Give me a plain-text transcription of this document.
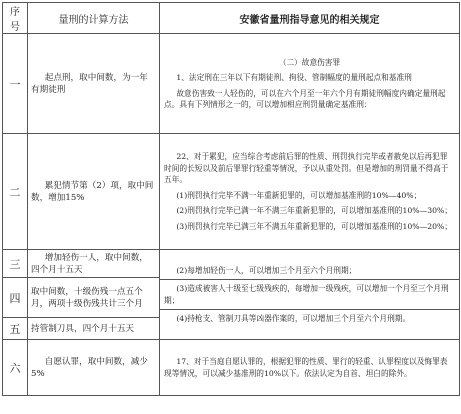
序号	量刑的计算方法	安徽省量刑指导意见的相关规定
一	起点刑，取中间数，为一年有期徒刑	（二）故意伤害罪

1、法定刑在三年以下有期徒刑、拘役、管制幅度的量刑起点和基准刑

故意伤害致一人轻伤的，可以在六个月至一年六个月有期徒刑幅度内确定量刑起点。具有下列情形之一的，可以增加相应刑罚量确定基准刑：

二	累犯情节第（2）项，取中间数，增加15%	22、对于累犯，应当综合考虑前后罪的性质、刑罚执行完毕或者赦免以后再犯罪时间的长短以及前后罪罪行轻重等情况，予以从重处罚。但是增加的刑罚量不得高于五年。

(1)刑罚执行完毕不满一年重新犯罪的，可以增加基准刑的10%—40%；

(2)刑罚执行完毕已满一年不满三年重新犯罪的，可以增加基准刑的10%—30%；

(3)刑罚执行完毕已满三年不满五年重新犯罪的，可以增加基准刑的10%—20%；

三	增加轻伤一人，取中间数，四个月十五天	(2)每增加轻伤一人，可以增加三个月至六个月刑期；

(3)造成被害人十级至七级残疾的，每增加一级残疾，可以增加一个月至三个月刑期；

(4)持枪支、管制刀具等凶器作案的，可以增加三个月至六个月刑期。

四	取中间数，十级伤残一点五个月，两项十级伤残共计三个月	

五	持管制刀具，四个月十五天	

六	自愿认罪，取中间数，减少5%	17、对于当庭自愿认罪的，根据犯罪的性质、罪行的轻重、认罪程度以及悔罪表现等情况，可以减少基准刑的10%以下。依法认定为自首、坦白的除外。
